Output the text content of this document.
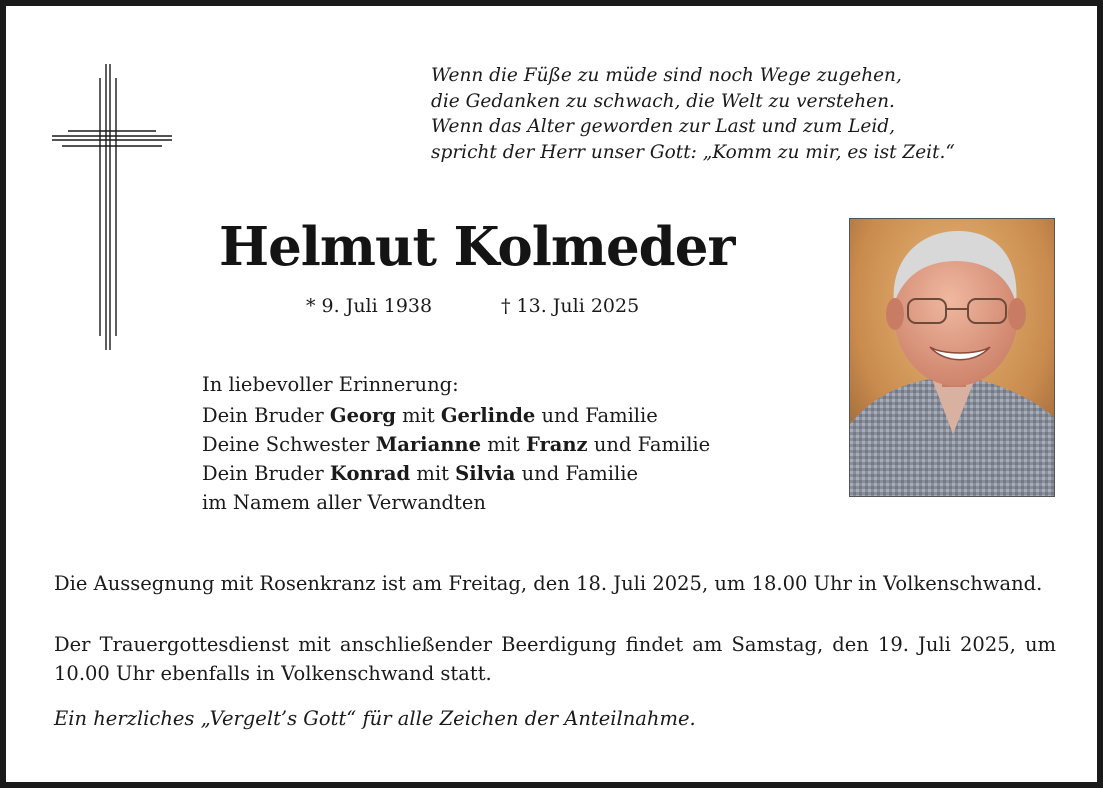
Wenn die Füße zu müde sind noch Wege zugehen,
die Gedanken zu schwach, die Welt zu verstehen.
Wenn das Alter geworden zur Last und zum Leid,
spricht der Herr unser Gott: „Komm zu mir, es ist Zeit.“
Helmut Kolmeder
* 9. Juli 1938	† 13. Juli 2025
In liebevoller Erinnerung:
Dein Bruder Georg mit Gerlinde und Familie
Deine Schwester Marianne mit Franz und Familie
Dein Bruder Konrad mit Silvia und Familie
im Namem aller Verwandten
Die Aussegnung mit Rosenkranz ist am Freitag, den 18. Juli 2025, um 18.00 Uhr in Volkenschwand.
Der Trauergottesdienst mit anschließender Beerdigung findet am Samstag, den 19. Juli 2025, um 10.00 Uhr ebenfalls in Volkenschwand statt.
Ein herzliches „Vergelt’s Gott“ für alle Zeichen der Anteilnahme.
